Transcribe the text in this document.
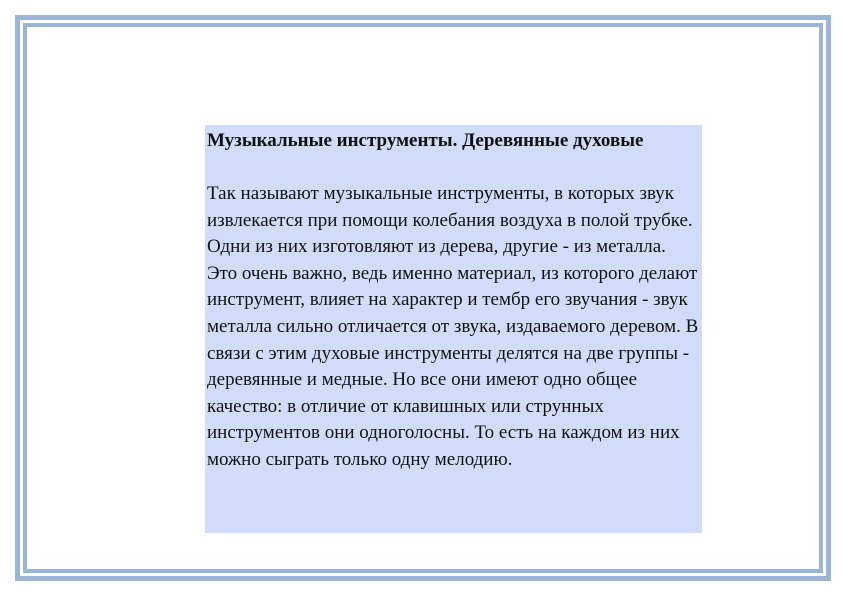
Музыкальные инструменты. Деревянные духовые

Так называют музыкальные инструменты, в которых звук извлекается при помощи колебания воздуха в полой трубке. Одни из них изготовляют из дерева, другие - из металла. Это очень важно, ведь именно материал, из которого делают инструмент, влияет на характер и тембр его звучания - звук металла сильно отличается от звука, издаваемого деревом. В связи с этим духовые инструменты делятся на две группы - деревянные и медные. Но все они имеют одно общее качество: в отличие от клавишных или струнных инструментов они одноголосны. То есть на каждом из них можно сыграть только одну мелодию.
